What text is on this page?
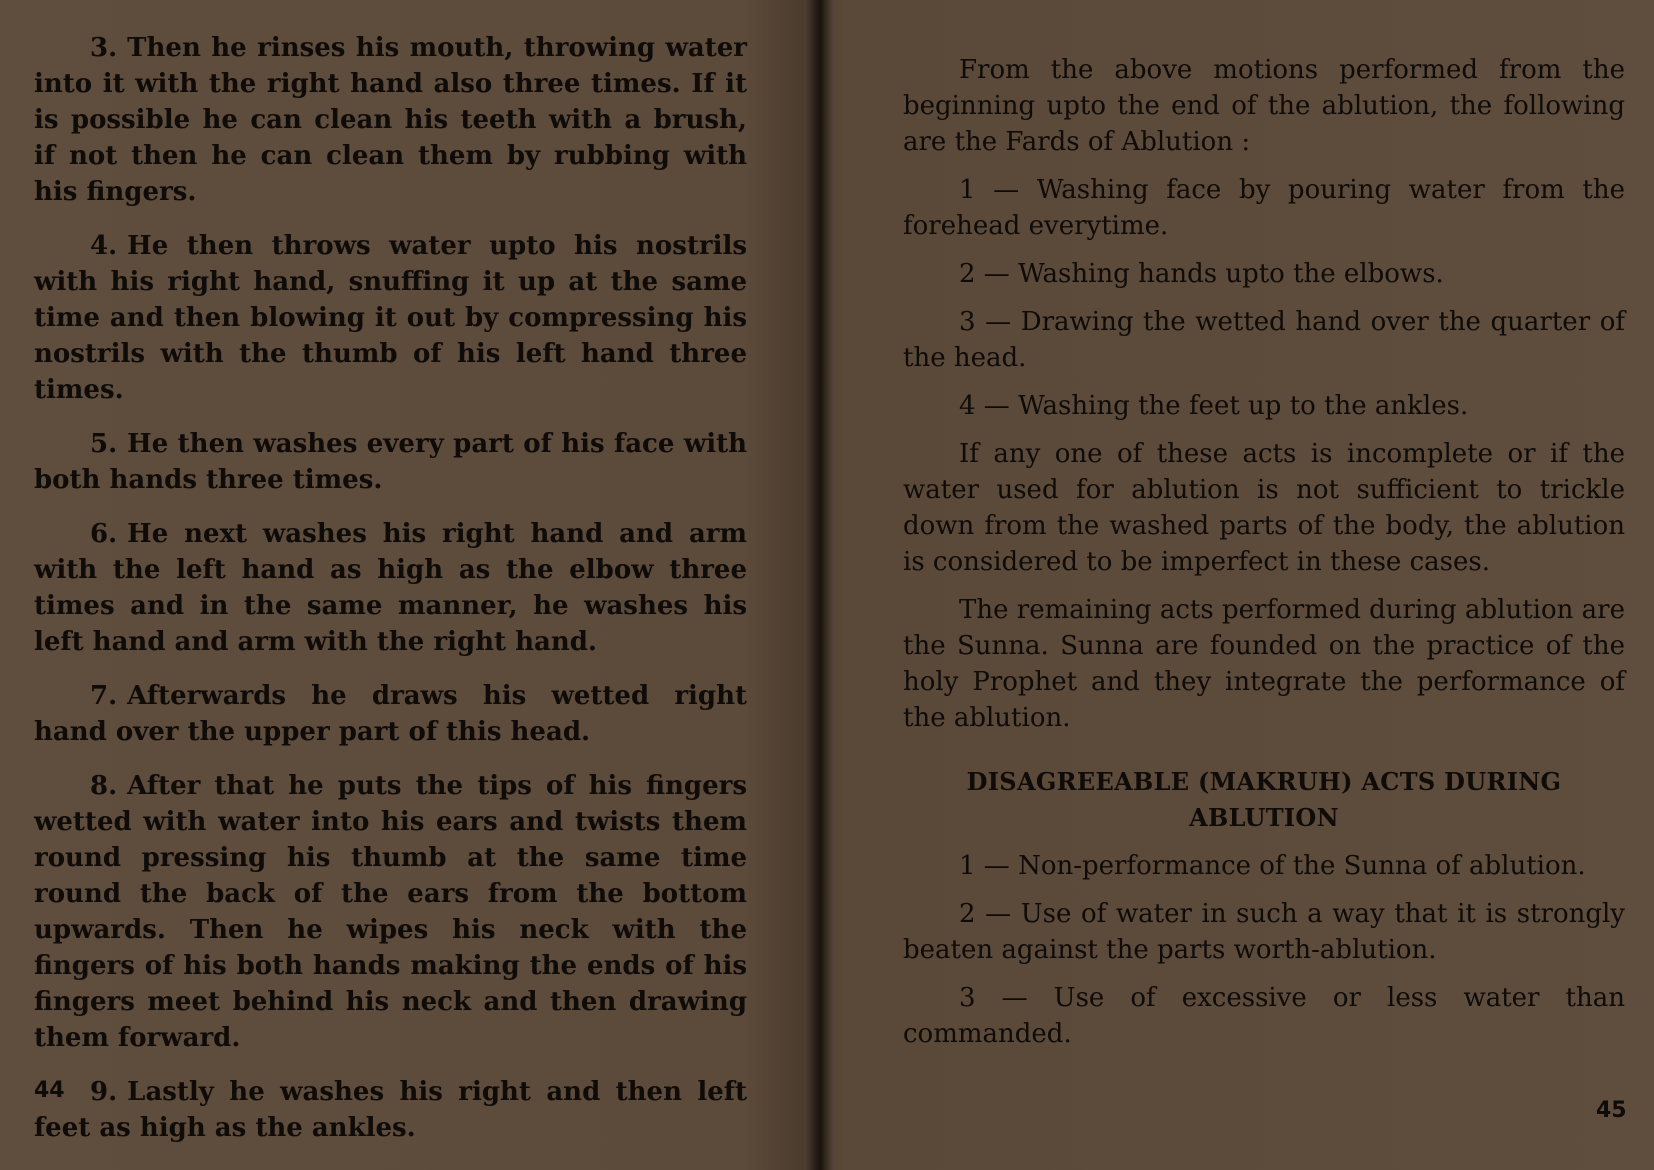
3. Then he rinses his mouth, throwing water into it with the right hand also three times. If it is possible he can clean his teeth with a brush, if not then he can clean them by rubbing with his fingers.

4. He then throws water upto his nostrils with his right hand, snuffing it up at the same time and then blowing it out by compressing his nostrils with the thumb of his left hand three times.

5. He then washes every part of his face with both hands three times.

6. He next washes his right hand and arm with the left hand as high as the elbow three times and in the same manner, he washes his left hand and arm with the right hand.

7. Afterwards he draws his wetted right hand over the upper part of this head.

8. After that he puts the tips of his fingers wetted with water into his ears and twists them round pressing his thumb at the same time round the back of the ears from the bottom upwards. Then he wipes his neck with the fingers of his both hands making the ends of his fingers meet behind his neck and then drawing them forward.

9. Lastly he washes his right and then left feet as high as the ankles.

44

From the above motions performed from the beginning upto the end of the ablution, the following are the Fards of Ablution :

1 — Washing face by pouring water from the forehead everytime.

2 — Washing hands upto the elbows.

3 — Drawing the wetted hand over the quarter of the head.

4 — Washing the feet up to the ankles.

If any one of these acts is incomplete or if the water used for ablution is not sufficient to trickle down from the washed parts of the body, the ablution is considered to be imperfect in these cases.

The remaining acts performed during ablution are the Sunna. Sunna are founded on the practice of the holy Prophet and they integrate the performance of the ablution.

DISAGREEABLE (MAKRUH) ACTS DURING
ABLUTION

1 — Non-performance of the Sunna of ablution.

2 — Use of water in such a way that it is strongly beaten against the parts worth-ablution.

3 — Use of excessive or less water than commanded.

45
